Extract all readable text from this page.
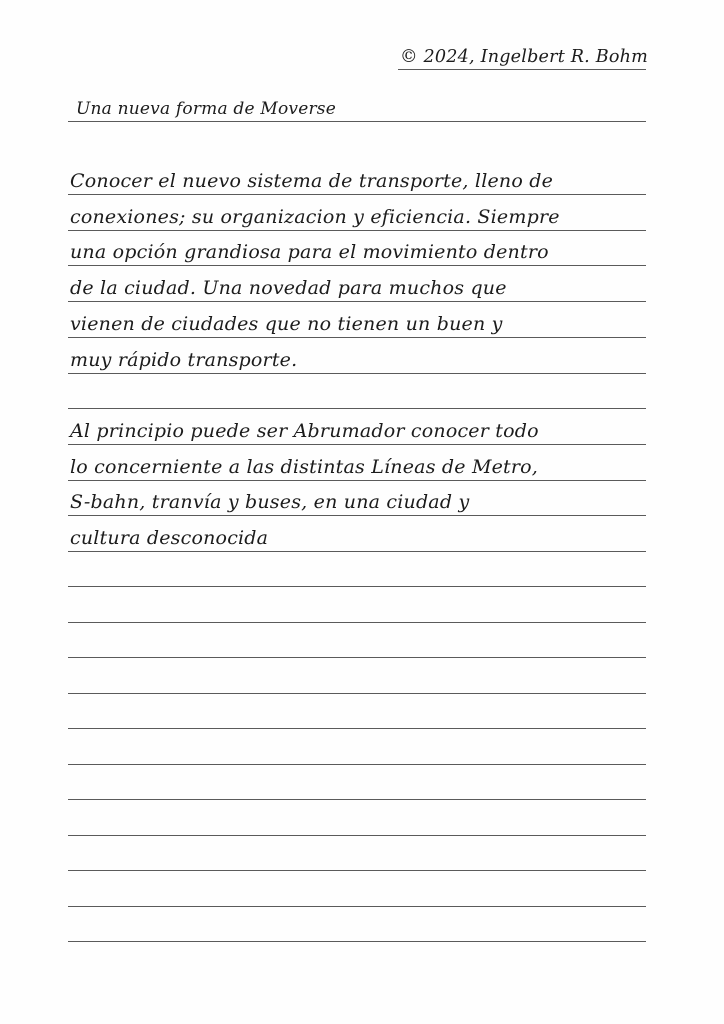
© 2024, Ingelbert R. Bohm
Una nueva forma de Moverse
Conocer el nuevo sistema de transporte, lleno de
conexiones; su organizacion y eficiencia. Siempre
una opción grandiosa para el movimiento dentro
de la ciudad. Una novedad para muchos que
vienen de ciudades que no tienen un buen y
muy rápido transporte.
Al principio puede ser Abrumador conocer todo
lo concerniente a las distintas Líneas de Metro,
S-bahn, tranvía y buses, en una ciudad y
cultura desconocida
